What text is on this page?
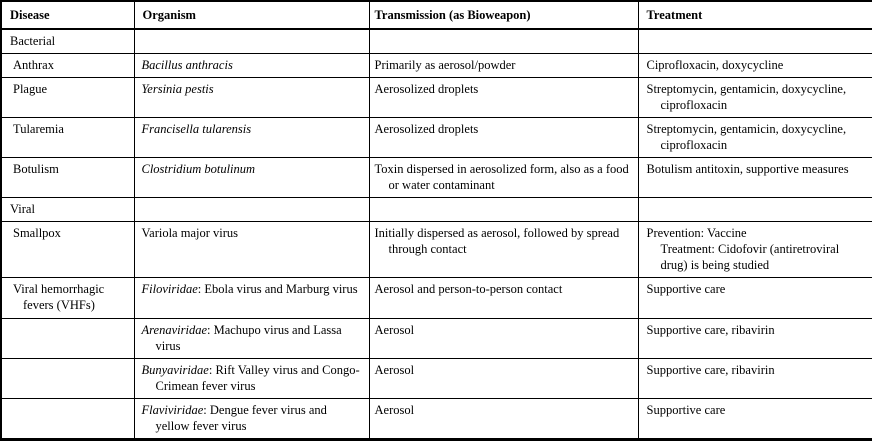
Disease	Organism	Transmission (as Bioweapon)	Treatment
Bacterial			

Anthrax	Bacillus anthracis	Primarily as aerosol/powder	Ciprofloxacin, doxycycline

Plague	Yersinia pestis	Aerosolized droplets	Streptomycin, gentamicin, doxycycline, ciprofloxacin

Tularemia	Francisella tularensis	Aerosolized droplets	Streptomycin, gentamicin, doxycycline, ciprofloxacin

Botulism	Clostridium botulinum	Toxin dispersed in aerosolized form, also as a food or water contaminant	Botulism antitoxin, supportive measures

Viral			

Smallpox	Variola major virus	Initially dispersed as aerosol, followed by spread through contact	Prevention: Vaccine
Treatment: Cidofovir (antiretroviral drug) is being studied

Viral hemorrhagic fevers (VHFs)	Filoviridae: Ebola virus and Marburg virus	Aerosol and person-to-person contact	Supportive care

	Arenaviridae: Machupo virus and Lassa virus	Aerosol	Supportive care, ribavirin

	Bunyaviridae: Rift Valley virus and Congo-Crimean fever virus	Aerosol	Supportive care, ribavirin

	Flaviviridae: Dengue fever virus and yellow fever virus	Aerosol	Supportive care
